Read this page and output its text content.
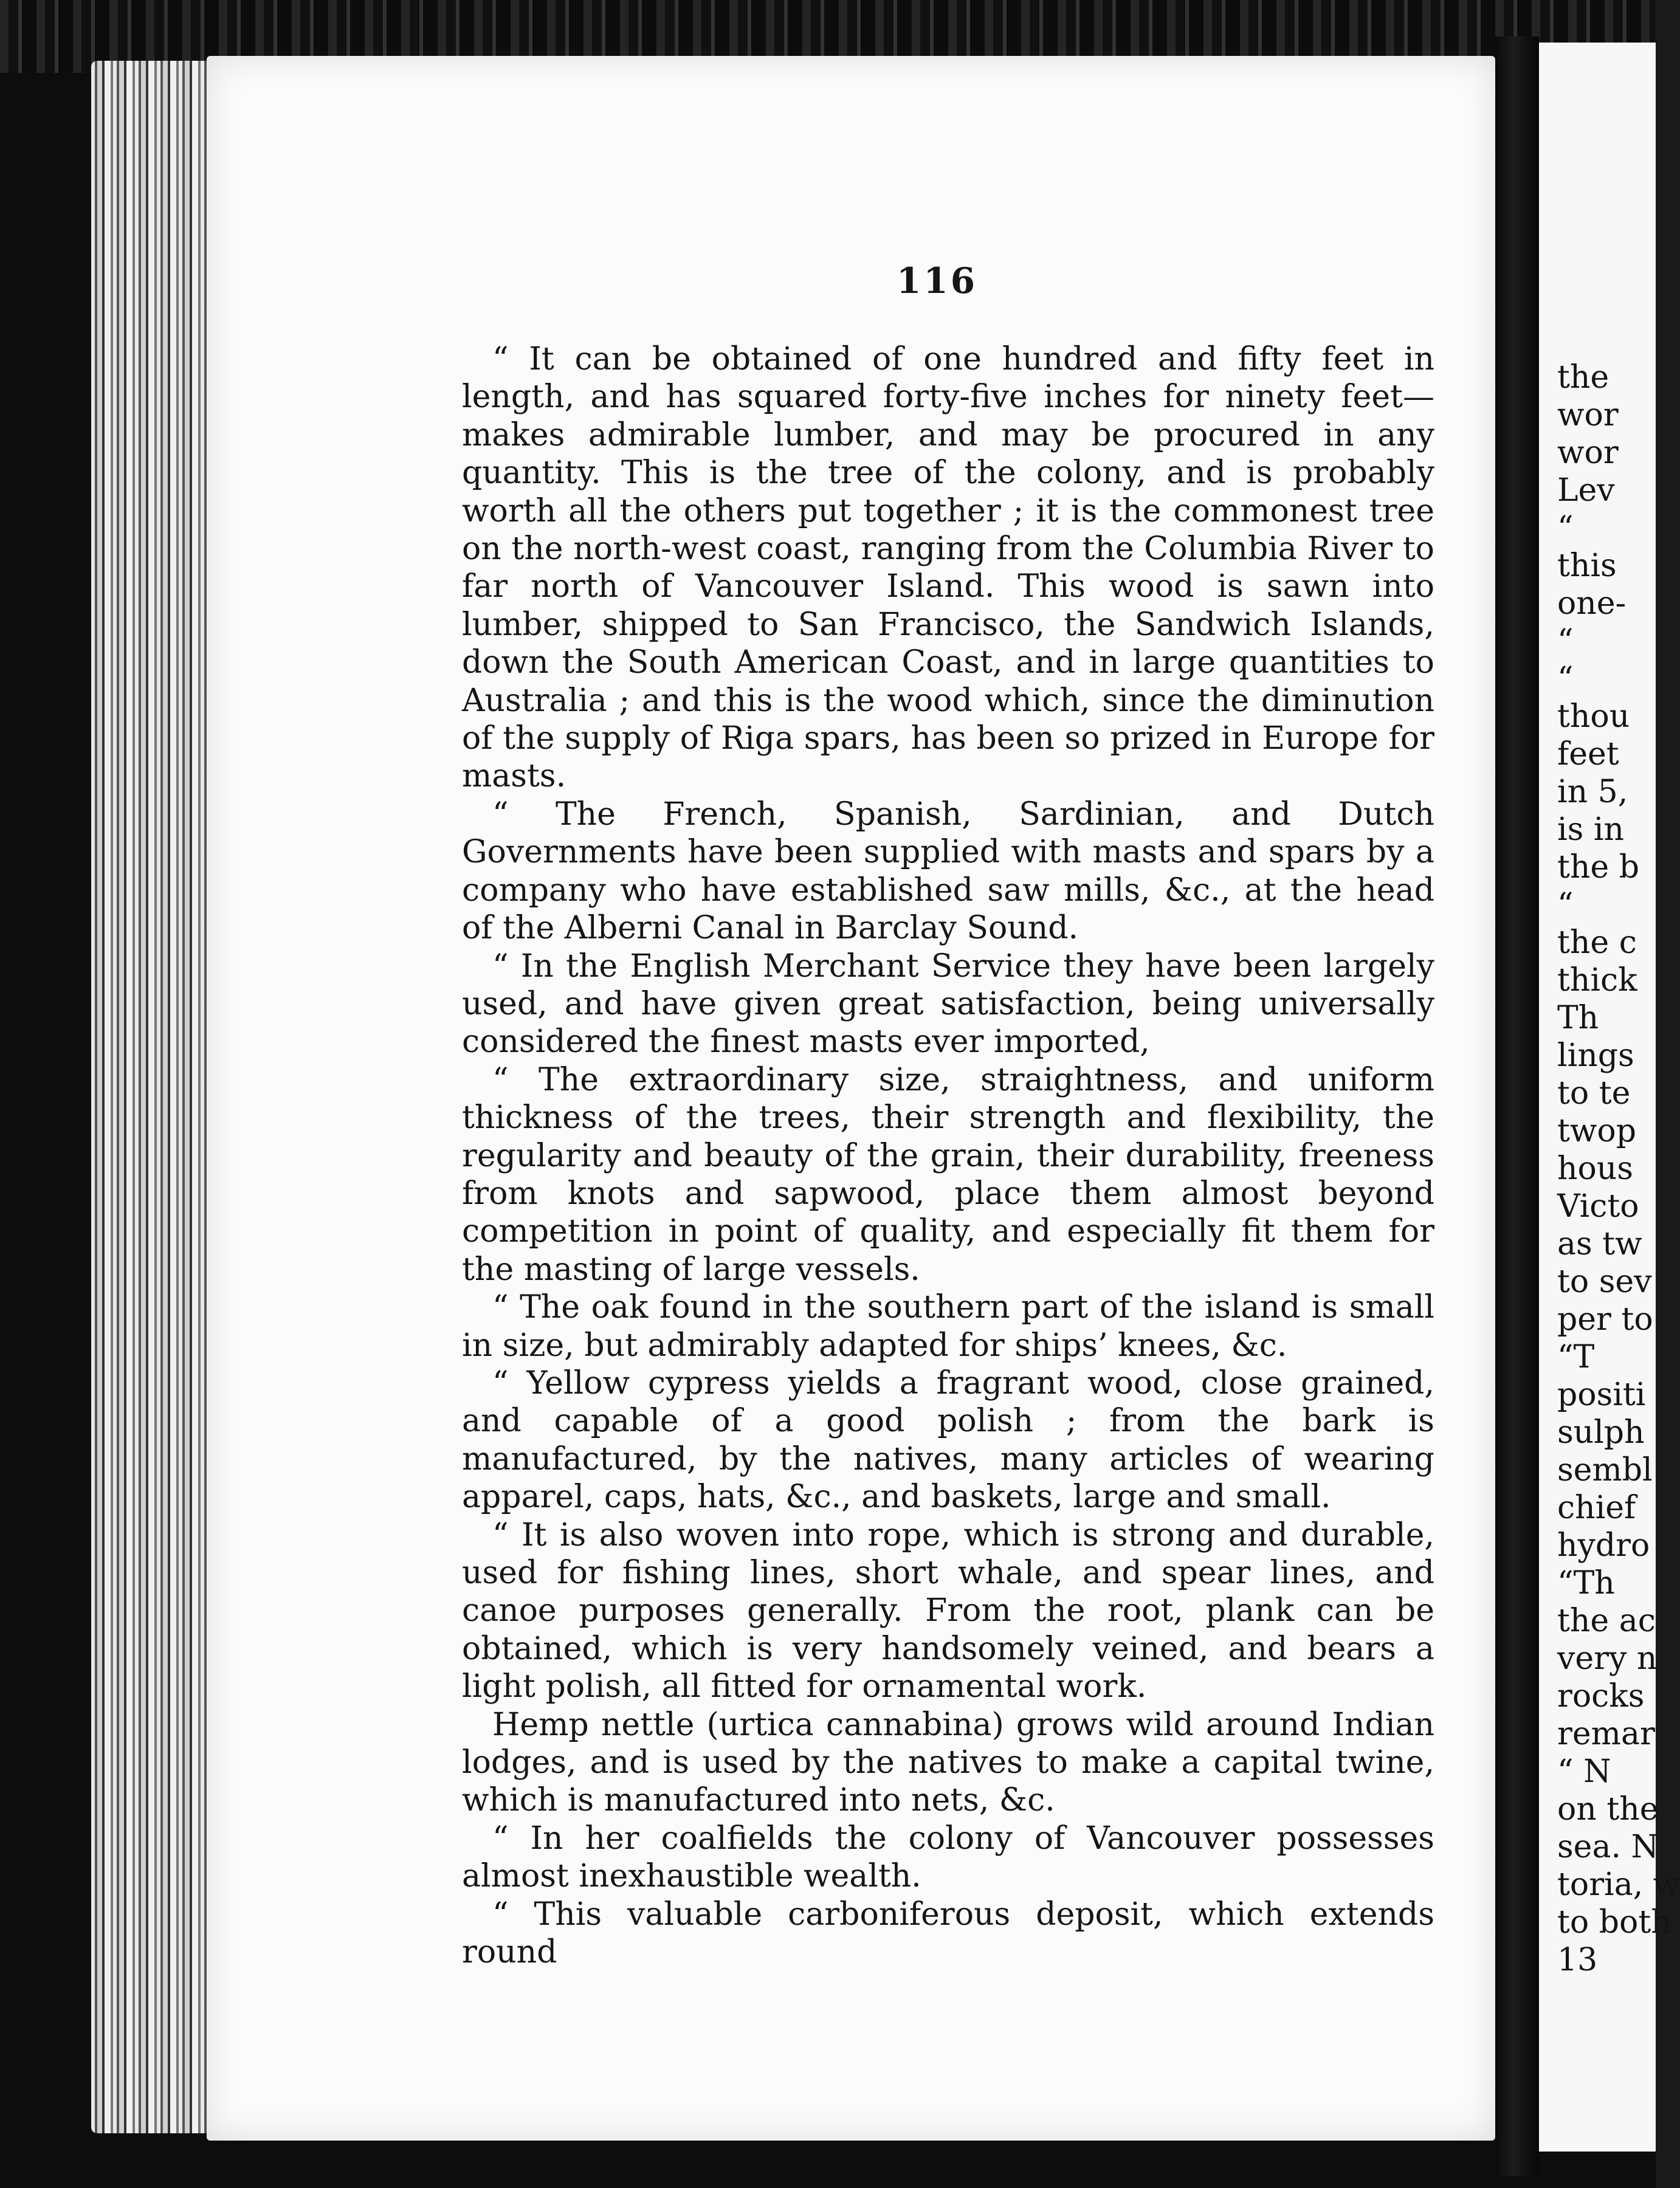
116

“ It can be obtained of one hundred and fifty feet in length, and has squared forty-five inches for ninety feet—makes admirable lumber, and may be procured in any quantity. This is the tree of the colony, and is probably worth all the others put together ; it is the commonest tree on the north-west coast, ranging from the Columbia River to far north of Vancouver Island. This wood is sawn into lumber, shipped to San Francisco, the Sandwich Islands, down the South American Coast, and in large quantities to Australia ; and this is the wood which, since the diminution of the supply of Riga spars, has been so prized in Europe for masts.

“ The French, Spanish, Sardinian, and Dutch Governments have been supplied with masts and spars by a company who have established saw mills, &c., at the head of the Alberni Canal in Barclay Sound.

“ In the English Merchant Service they have been largely used, and have given great satisfaction, being universally considered the finest masts ever imported,

“ The extraordinary size, straightness, and uniform thickness of the trees, their strength and flexibility, the regularity and beauty of the grain, their durability, freeness from knots and sapwood, place them almost beyond competition in point of quality, and especially fit them for the masting of large vessels.

“ The oak found in the southern part of the island is small in size, but admirably adapted for ships’ knees, &c.

“ Yellow cypress yields a fragrant wood, close grained, and capable of a good polish ; from the bark is manufactured, by the natives, many articles of wearing apparel, caps, hats, &c., and baskets, large and small.

“ It is also woven into rope, which is strong and durable, used for fishing lines, short whale, and spear lines, and canoe purposes generally. From the root, plank can be obtained, which is very handsomely veined, and bears a light polish, all fitted for ornamental work.

Hemp nettle (urtica cannabina) grows wild around Indian lodges, and is used by the natives to make a capital twine, which is manufactured into nets, &c.

“ In her coalfields the colony of Vancouver possesses almost inexhaustible wealth.

“ This valuable carboniferous deposit, which extends round

the
wor
wor
Lev
“
this
one-
“
“
thou
feet
in 5,
is in
the b
“
the c
thick
Th
lings
to te
twop
hous
Victo
as tw
to sev
per to
“T
positi
sulph
sembl
chief
hydro
“Th
the ac
very n
rocks
remar
“ N
on the
sea. N
toria, w
to both
13
